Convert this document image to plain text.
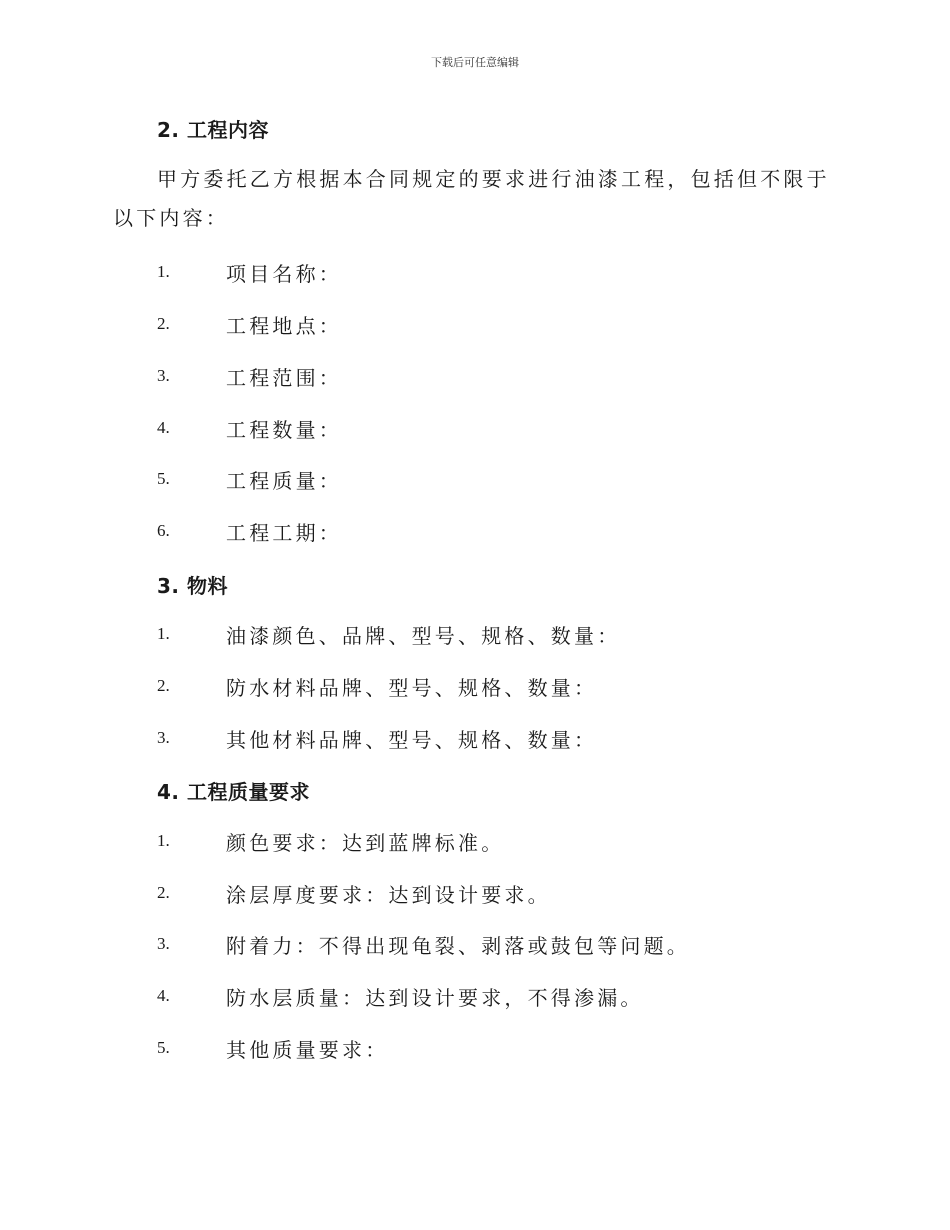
下载后可任意编辑
2. 工程内容
甲方委托乙方根据本合同规定的要求进行油漆工程，包括但不限于以下内容：
1.	项目名称：
2.	工程地点：
3.	工程范围：
4.	工程数量：
5.	工程质量：
6.	工程工期：
3. 物料
1.	油漆颜色、品牌、型号、规格、数量：
2.	防水材料品牌、型号、规格、数量：
3.	其他材料品牌、型号、规格、数量：
4. 工程质量要求
1.	颜色要求：达到蓝牌标准。
2.	涂层厚度要求：达到设计要求。
3.	附着力：不得出现龟裂、剥落或鼓包等问题。
4.	防水层质量：达到设计要求，不得渗漏。
5.	其他质量要求：
